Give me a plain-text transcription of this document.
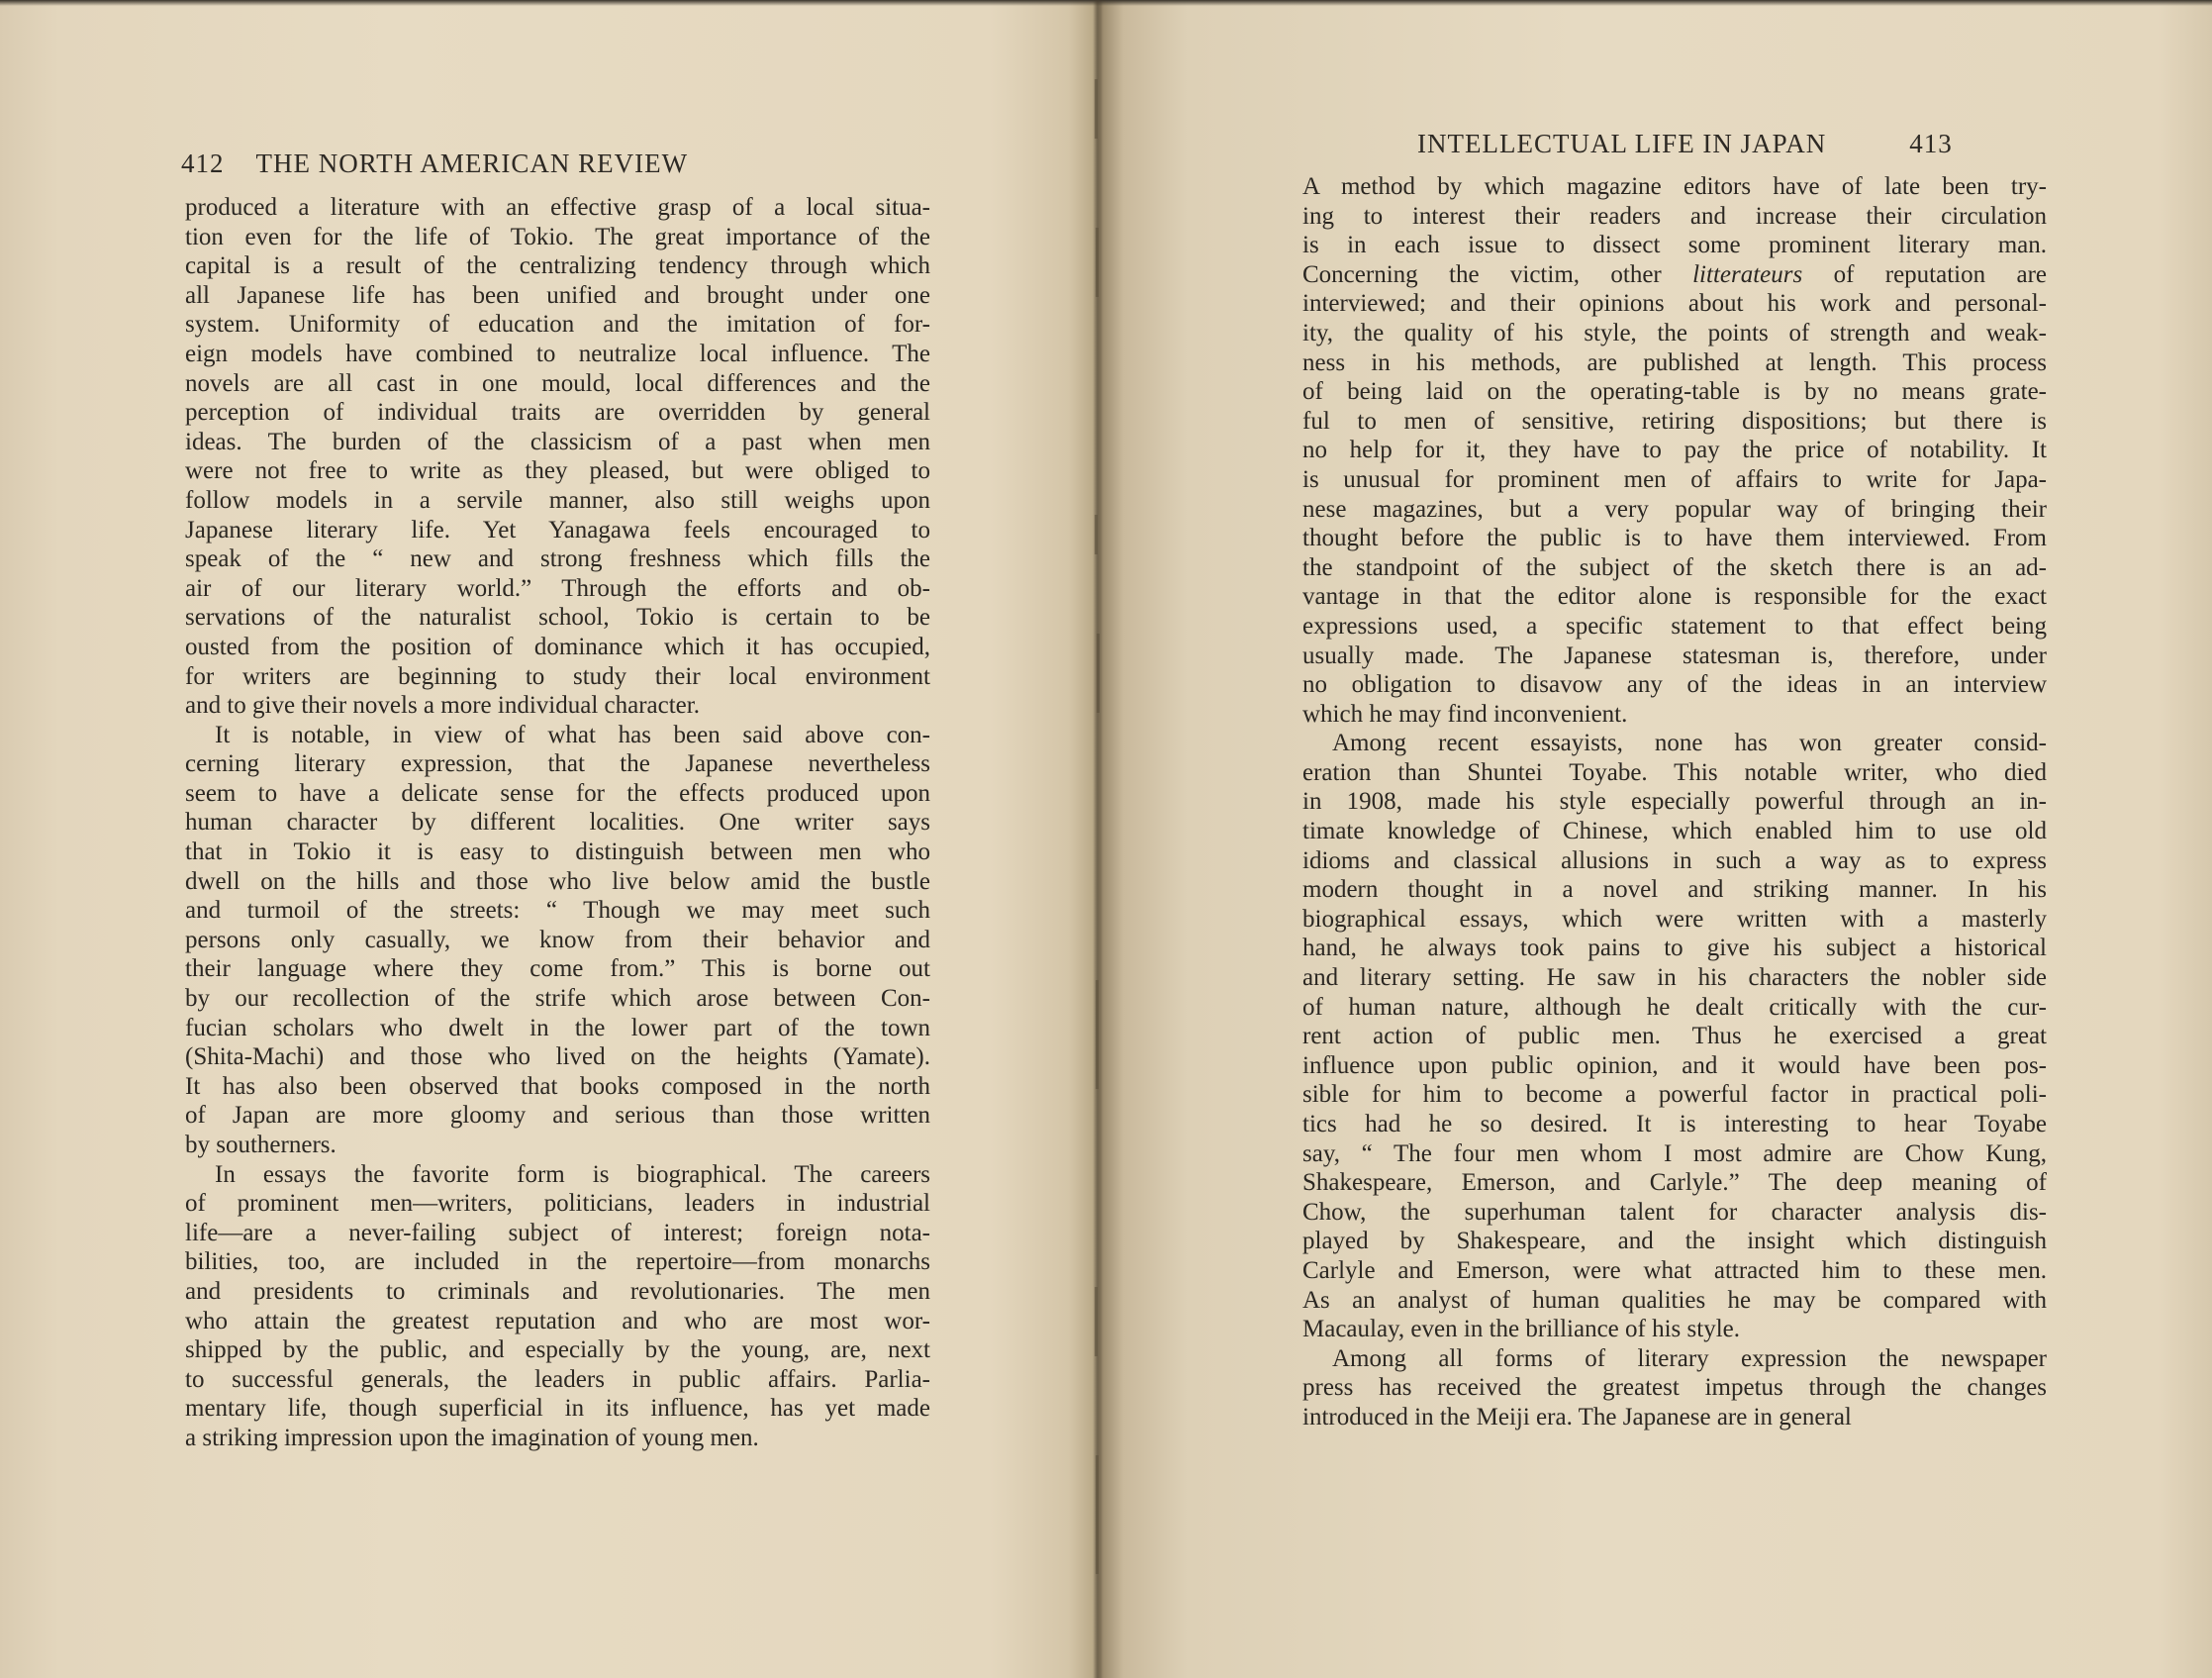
412 THE NORTH AMERICAN REVIEW
produced a literature with an effective grasp of a local situa-
tion even for the life of Tokio. The great importance of the
capital is a result of the centralizing tendency through which
all Japanese life has been unified and brought under one
system. Uniformity of education and the imitation of for-
eign models have combined to neutralize local influence. The
novels are all cast in one mould, local differences and the
perception of individual traits are overridden by general
ideas. The burden of the classicism of a past when men
were not free to write as they pleased, but were obliged to
follow models in a servile manner, also still weighs upon
Japanese literary life. Yet Yanagawa feels encouraged to
speak of the “ new and strong freshness which fills the
air of our literary world.” Through the efforts and ob-
servations of the naturalist school, Tokio is certain to be
ousted from the position of dominance which it has occupied,
for writers are beginning to study their local environment
and to give their novels a more individual character.
It is notable, in view of what has been said above con-
cerning literary expression, that the Japanese nevertheless
seem to have a delicate sense for the effects produced upon
human character by different localities. One writer says
that in Tokio it is easy to distinguish between men who
dwell on the hills and those who live below amid the bustle
and turmoil of the streets: “ Though we may meet such
persons only casually, we know from their behavior and
their language where they come from.” This is borne out
by our recollection of the strife which arose between Con-
fucian scholars who dwelt in the lower part of the town
(Shita-Machi) and those who lived on the heights (Yamate).
It has also been observed that books composed in the north
of Japan are more gloomy and serious than those written
by southerners.
In essays the favorite form is biographical. The careers
of prominent men—writers, politicians, leaders in industrial
life—are a never-failing subject of interest; foreign nota-
bilities, too, are included in the repertoire—from monarchs
and presidents to criminals and revolutionaries. The men
who attain the greatest reputation and who are most wor-
shipped by the public, and especially by the young, are, next
to successful generals, the leaders in public affairs. Parlia-
mentary life, though superficial in its influence, has yet made
a striking impression upon the imagination of young men.
INTELLECTUAL LIFE IN JAPAN	413
A method by which magazine editors have of late been try-
ing to interest their readers and increase their circulation
is in each issue to dissect some prominent literary man.
Concerning the victim, other litterateurs of reputation are
interviewed; and their opinions about his work and personal-
ity, the quality of his style, the points of strength and weak-
ness in his methods, are published at length. This process
of being laid on the operating-table is by no means grate-
ful to men of sensitive, retiring dispositions; but there is
no help for it, they have to pay the price of notability. It
is unusual for prominent men of affairs to write for Japa-
nese magazines, but a very popular way of bringing their
thought before the public is to have them interviewed. From
the standpoint of the subject of the sketch there is an ad-
vantage in that the editor alone is responsible for the exact
expressions used, a specific statement to that effect being
usually made. The Japanese statesman is, therefore, under
no obligation to disavow any of the ideas in an interview
which he may find inconvenient.
Among recent essayists, none has won greater consid-
eration than Shuntei Toyabe. This notable writer, who died
in 1908, made his style especially powerful through an in-
timate knowledge of Chinese, which enabled him to use old
idioms and classical allusions in such a way as to express
modern thought in a novel and striking manner. In his
biographical essays, which were written with a masterly
hand, he always took pains to give his subject a historical
and literary setting. He saw in his characters the nobler side
of human nature, although he dealt critically with the cur-
rent action of public men. Thus he exercised a great
influence upon public opinion, and it would have been pos-
sible for him to become a powerful factor in practical poli-
tics had he so desired. It is interesting to hear Toyabe
say, “ The four men whom I most admire are Chow Kung,
Shakespeare, Emerson, and Carlyle.” The deep meaning of
Chow, the superhuman talent for character analysis dis-
played by Shakespeare, and the insight which distinguish
Carlyle and Emerson, were what attracted him to these men.
As an analyst of human qualities he may be compared with
Macaulay, even in the brilliance of his style.
Among all forms of literary expression the newspaper
press has received the greatest impetus through the changes
introduced in the Meiji era. The Japanese are in general
